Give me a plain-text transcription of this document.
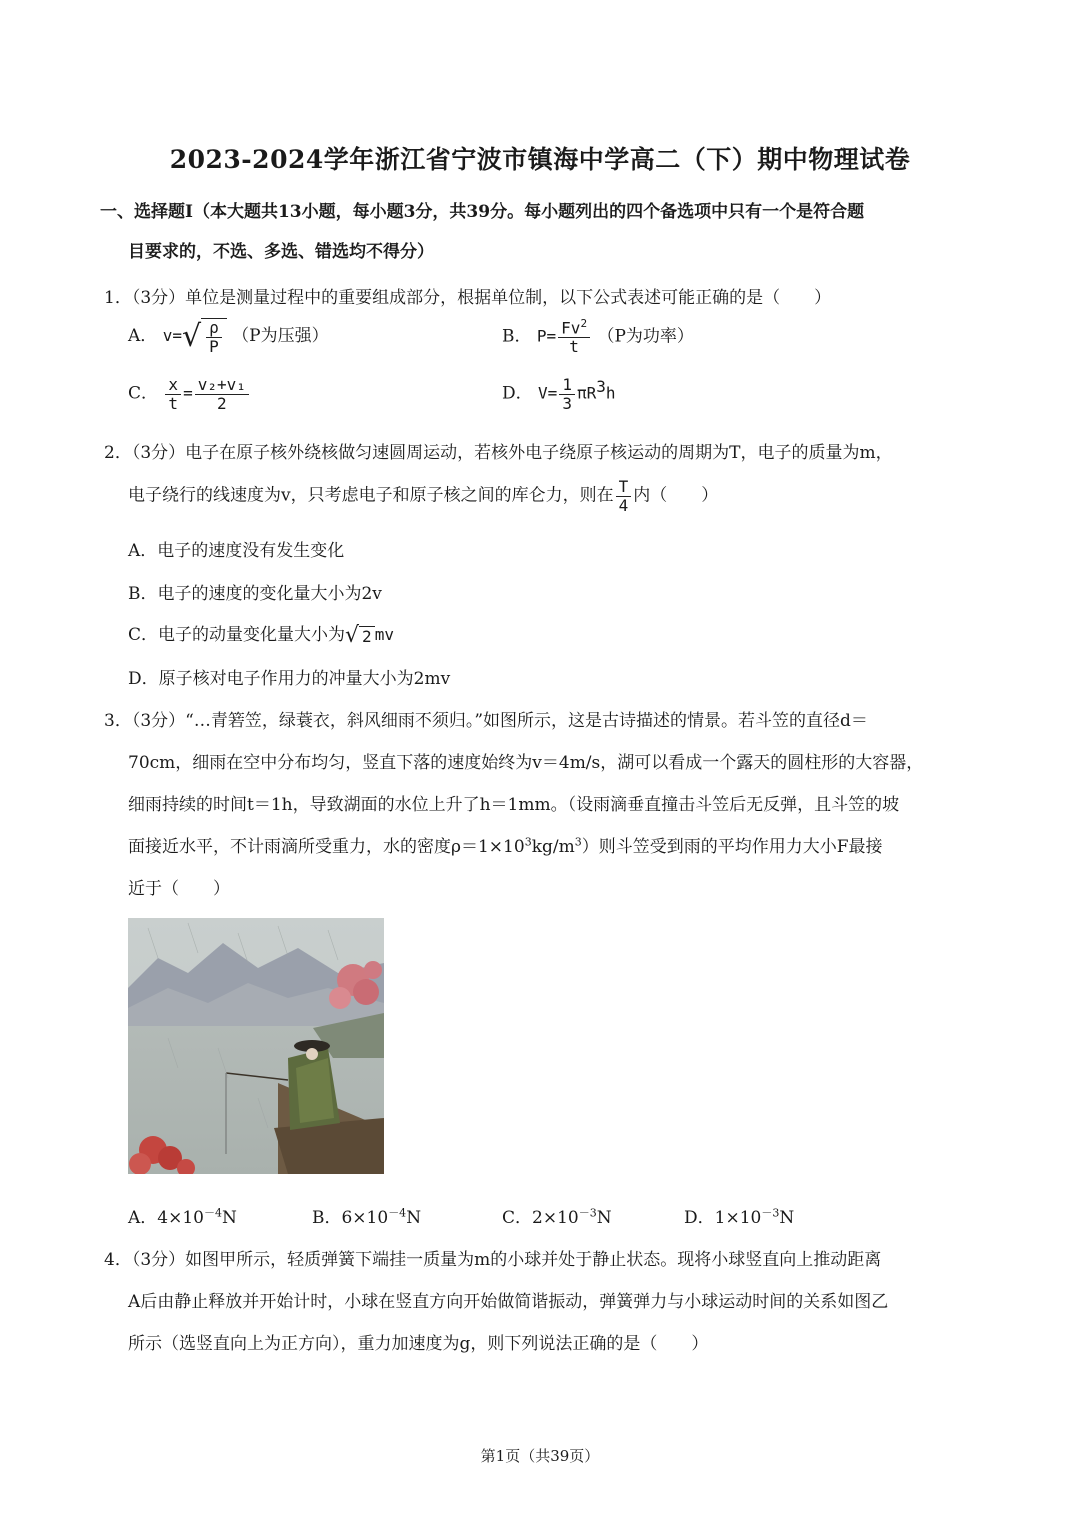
2023-2024学年浙江省宁波市镇海中学高二（下）期中物理试卷
一、选择题Ⅰ（本大题共13小题，每小题3分，共39分。每小题列出的四个备选项中只有一个是符合题
目要求的，不选、多选、错选均不得分）
1．（3分）单位是测量过程中的重要组成部分，根据单位制，以下公式表述可能正确的是（　　）
A． v= √ $\frac{\rho}{P} (P$为压强）	B． $P= \frac{Fv^2}{t} (P$为功率）
C． $\frac{x}{t} = \frac{\text{v₂+v₁}}{2}$	D． $V= \frac{1}{3} \pi R^3h$
2．（3分）电子在原子核外绕核做匀速圆周运动，若核外电子绕原子核运动的周期为T，电子的质量为m，
电子绕行的线速度为v，只考虑电子和原子核之间的库仑力，则在 $\frac{T}{4}$ 内（　　）
A．电子的速度没有发生变化
B．电子的速度的变化量大小为2v
C．电子的动量变化量大小为 √ 2 mv
D．原子核对电子作用力的冲量大小为2mv
3．（3分）“…青箬笠，绿蓑衣，斜风细雨不须归。”如图所示，这是古诗描述的情景。若斗笠的直径d＝
70cm，细雨在空中分布均匀，竖直下落的速度始终为v＝4m/s，湖可以看成一个露天的圆柱形的大容器，
细雨持续的时间t＝1h，导致湖面的水位上升了h＝1mm。（设雨滴垂直撞击斗笠后无反弹，且斗笠的坡
面接近水平，不计雨滴所受重力，水的密度$\rho=1\times 10^3kg/m^3$）则斗笠受到雨的平均作用力大小F最接
近于（　　）
A．$4\times 10^{-4}N$	B．$6\times 10^{-4}N$	C．$2\times 10^{-3}N$	D．$1\times 10^{-3}N$
4．（3分）如图甲所示，轻质弹簧下端挂一质量为m的小球并处于静止状态。现将小球竖直向上推动距离
A后由静止释放并开始计时，小球在竖直方向开始做简谐振动，弹簧弹力与小球运动时间的关系如图乙
所示（选竖直向上为正方向），重力加速度为g，则下列说法正确的是（　　）
第1页（共39页）
